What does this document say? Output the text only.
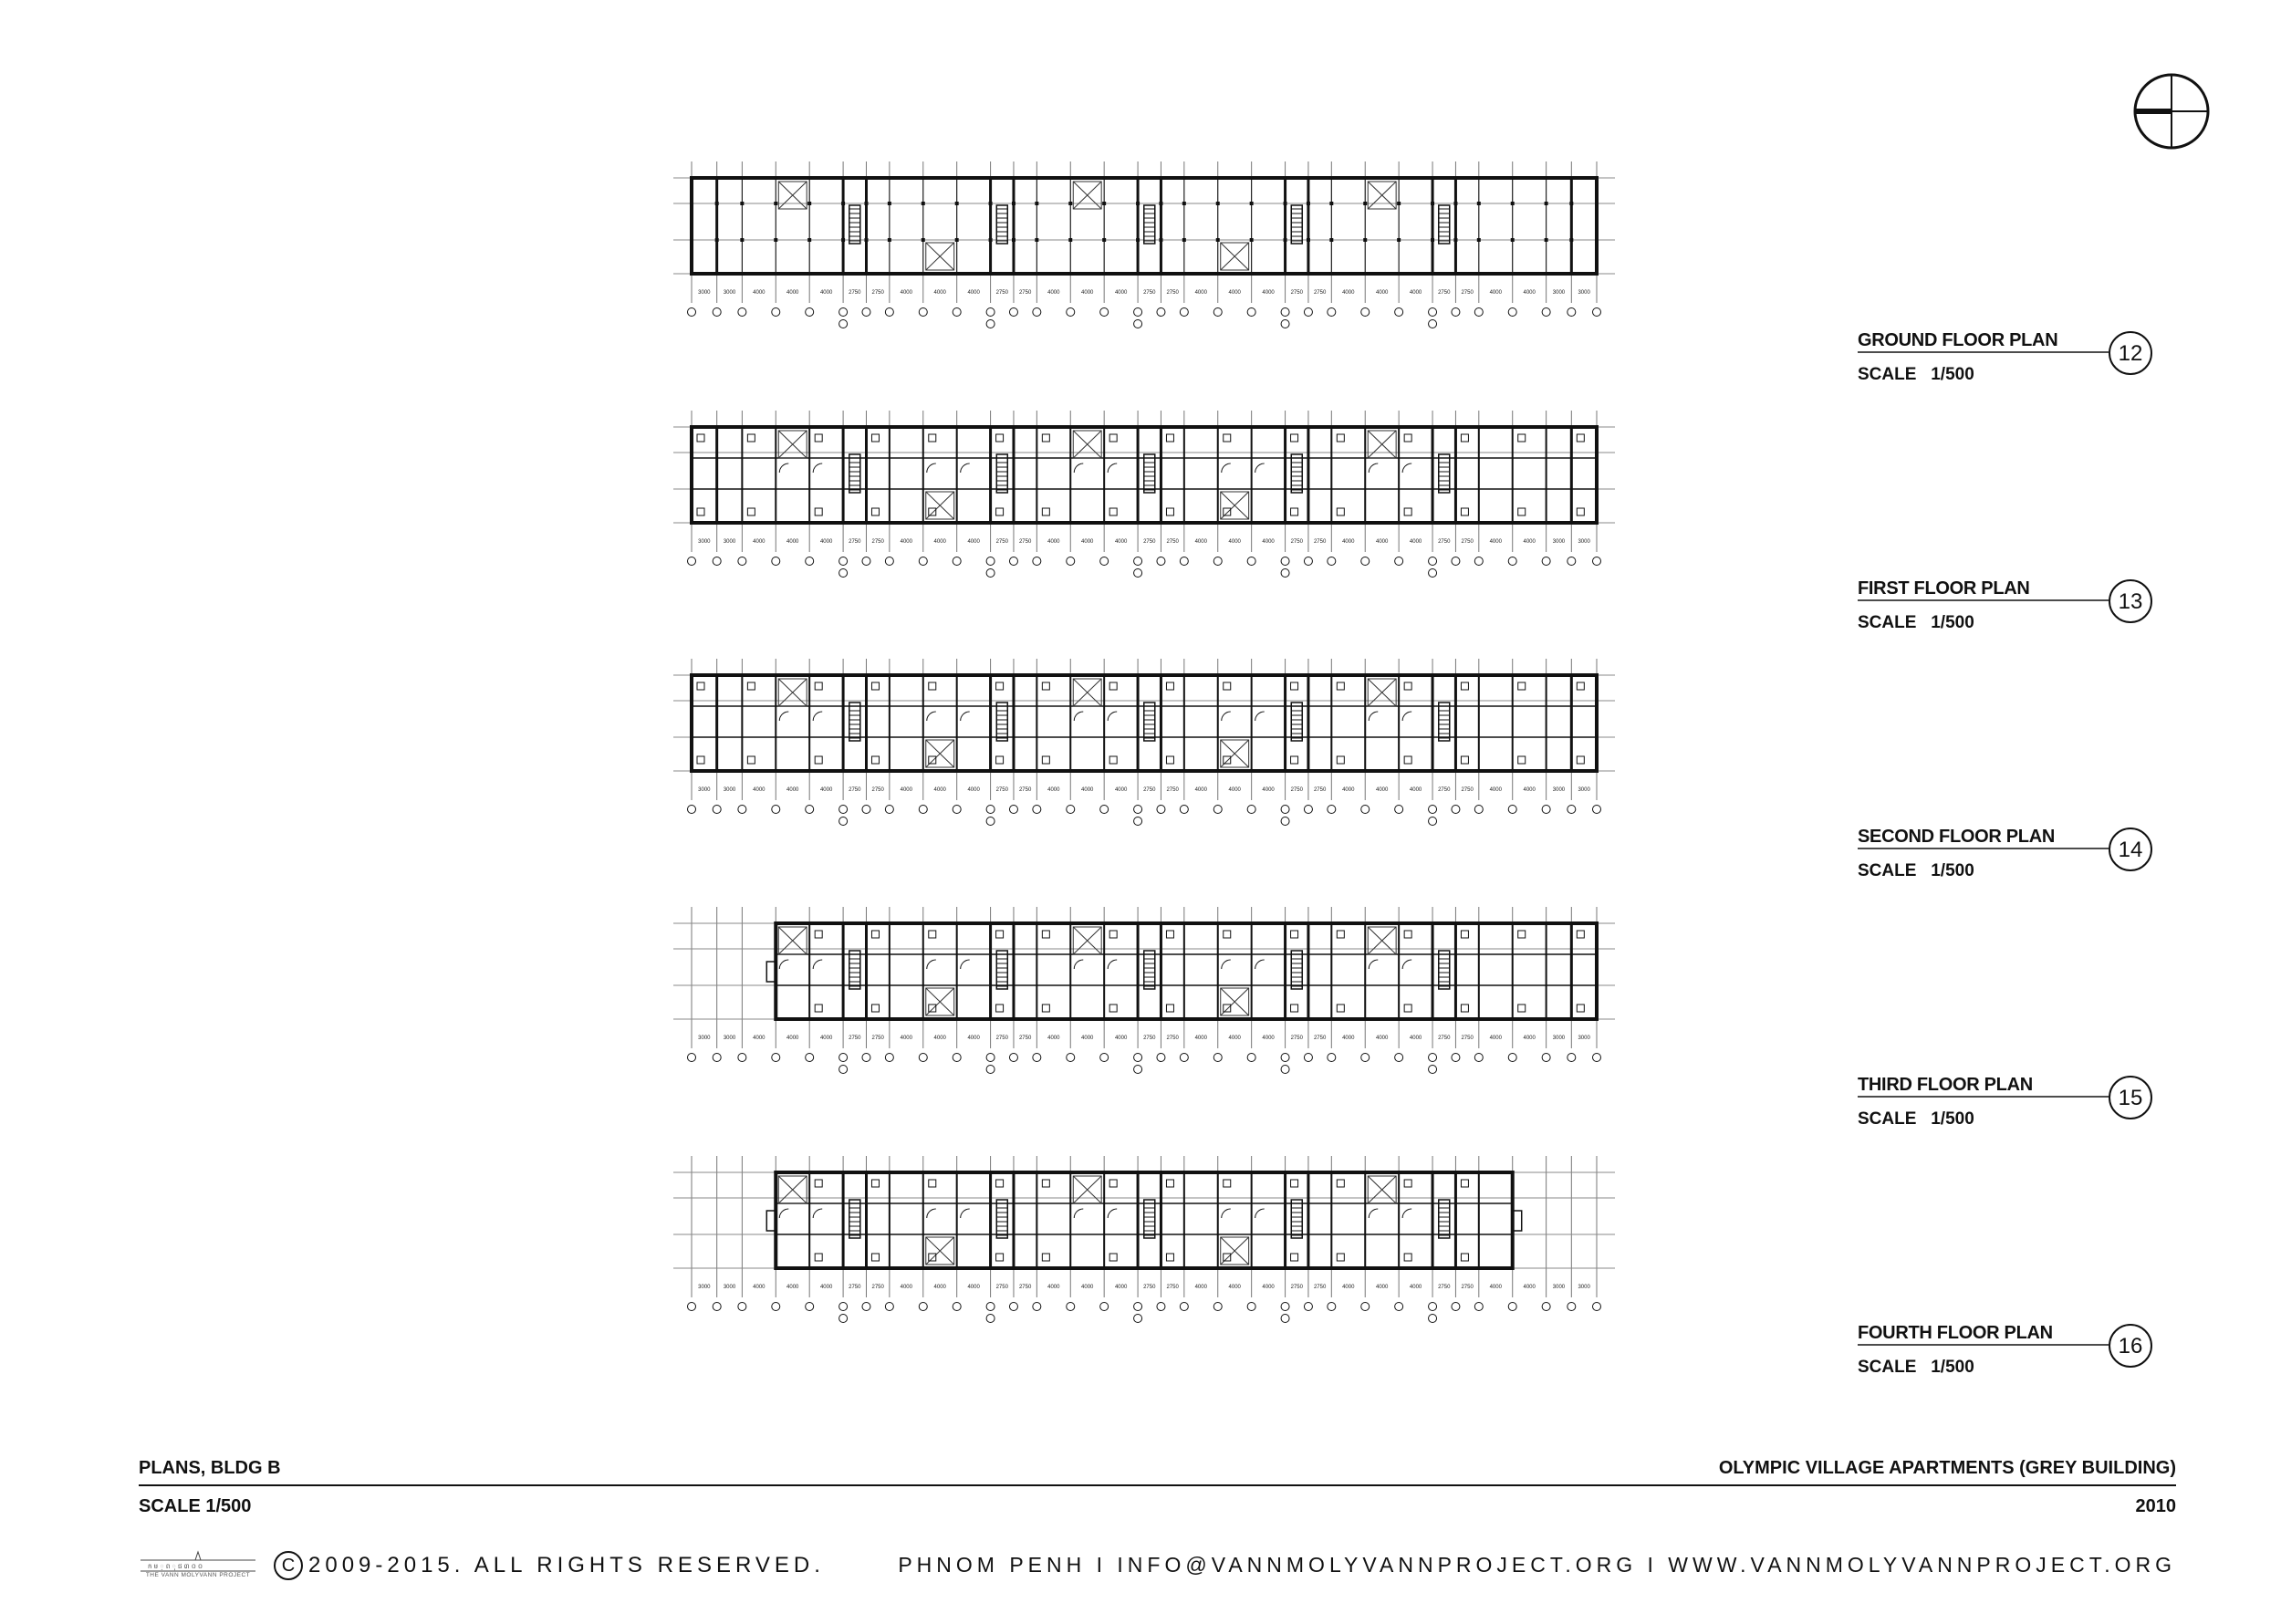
3000 3000	4000	4000	4000	2750 2750	4000	4000	4000	2750 2750	4000	4000	4000	2750 2750	4000	4000	4000	2750 2750	4000	4000	4000	2750 2750	4000	4000	3000 3000
12
3000 3000	4000	4000	4000	2750 2750	4000	4000	4000	2750 2750	4000	4000	4000	2750 2750	4000	4000	4000	2750 2750	4000	4000	4000	2750 2750	4000	4000	3000 3000
13
3000 3000	4000	4000	4000	2750 2750	4000	4000	4000	2750 2750	4000	4000	4000	2750 2750	4000	4000	4000	2750 2750	4000	4000	4000	2750 2750	4000	4000	3000 3000
14
3000 3000	4000	4000	4000	2750 2750	4000	4000	4000	2750 2750	4000	4000	4000	2750 2750	4000	4000	4000	2750 2750	4000	4000	4000	2750 2750	4000	4000	3000 3000
15
3000 3000	4000	4000	4000	2750 2750	4000	4000	4000	2750 2750	4000	4000	4000	2750 2750	4000	4000	4000	2750 2750	4000	4000	4000	2750 2750	4000	4000	3000 3000
16
GROUND FLOOR PLAN
SCALE   1/500
FIRST FLOOR PLAN
SCALE   1/500
SECOND FLOOR PLAN
SCALE   1/500
THIRD FLOOR PLAN
SCALE   1/500
FOURTH FLOOR PLAN
SCALE   1/500
PLANS, BLDG B
SCALE 1/500
OLYMPIC VILLAGE APARTMENTS (GREY BUILDING)
2010
ក ម ្ ព ុ ជ ៣ ០ ០
THE VANN MOLYVANN PROJECT	C 2009-2015. ALL RIGHTS RESERVED.	PHNOM PENH I INFO@VANNMOLYVANNPROJECT.ORG I WWW.VANNMOLYVANNPROJECT.ORG
